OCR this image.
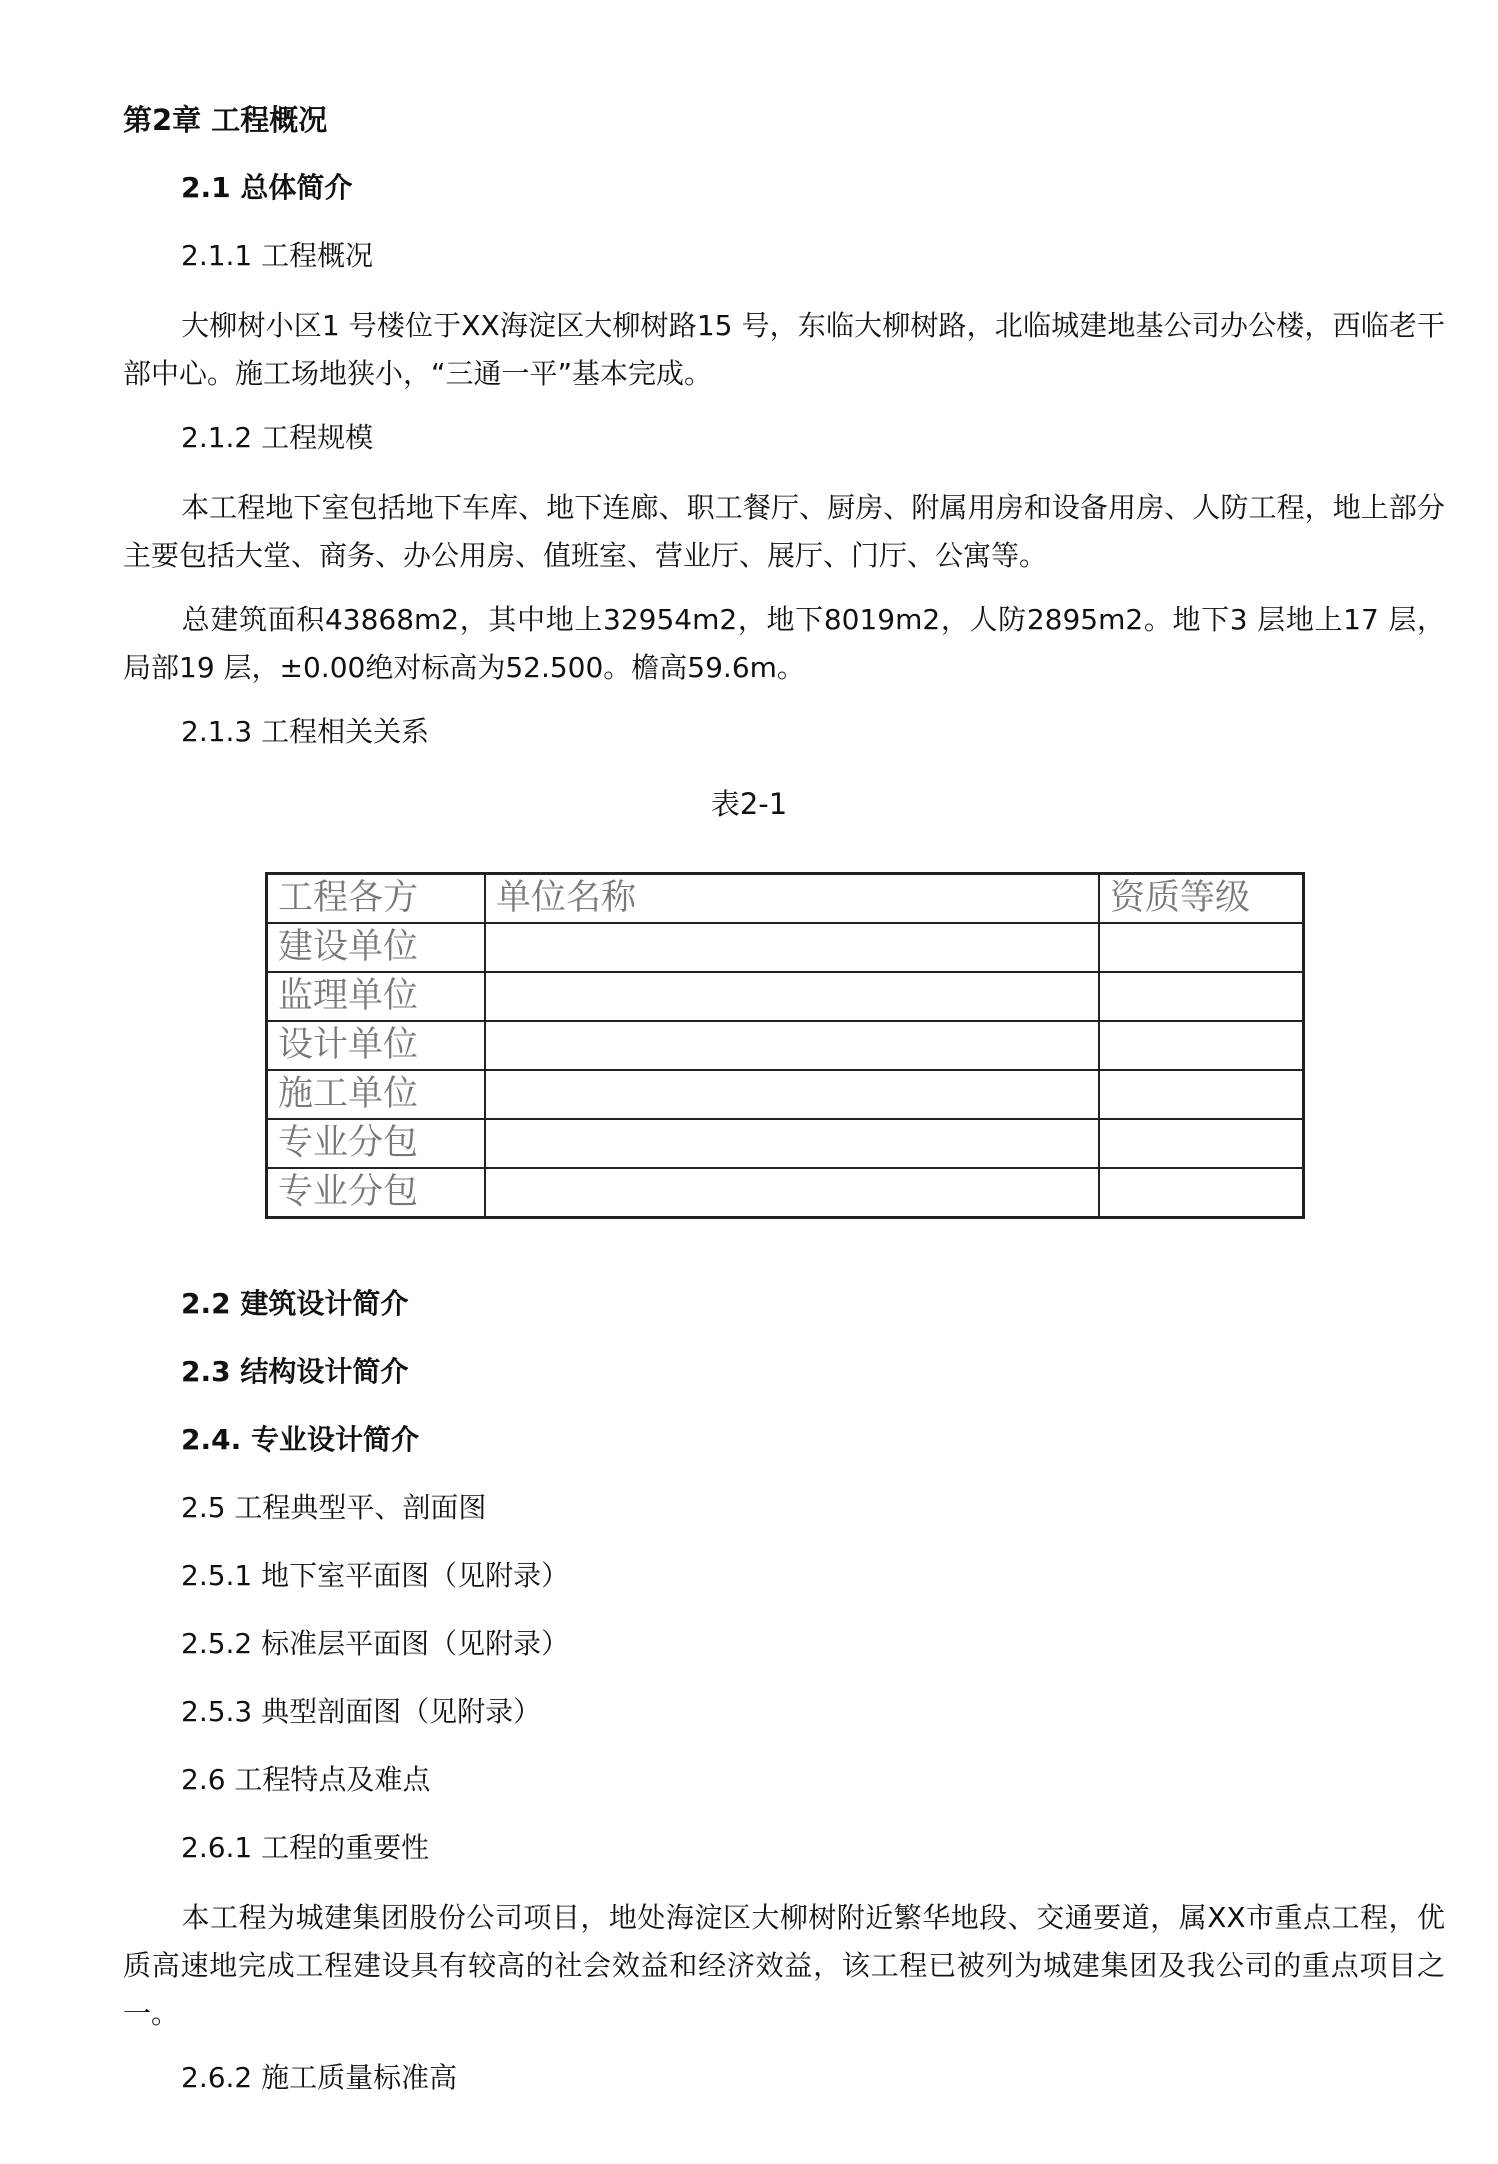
第2章 工程概况
2.1 总体简介
2.1.1 工程概况
大柳树小区1 号楼位于XX海淀区大柳树路15 号，东临大柳树路，北临城建地基公司办公楼，西临老干部中心。施工场地狭小，“三通一平”基本完成。
2.1.2 工程规模
本工程地下室包括地下车库、地下连廊、职工餐厅、厨房、附属用房和设备用房、人防工程，地上部分主要包括大堂、商务、办公用房、值班室、营业厅、展厅、门厅、公寓等。
总建筑面积43868m2，其中地上32954m2，地下8019m2，人防2895m2。地下3 层地上17 层，局部19 层，±0.00绝对标高为52.500。檐高59.6m。
2.1.3 工程相关关系
表2-1
工程各方	单位名称	资质等级
建设单位		
监理单位		
设计单位		
施工单位		
专业分包		
专业分包		
2.2 建筑设计简介
2.3 结构设计简介
2.4. 专业设计简介
2.5 工程典型平、剖面图
2.5.1 地下室平面图（见附录）
2.5.2 标准层平面图（见附录）
2.5.3 典型剖面图（见附录）
2.6 工程特点及难点
2.6.1 工程的重要性
本工程为城建集团股份公司项目，地处海淀区大柳树附近繁华地段、交通要道，属XX市重点工程，优质高速地完成工程建设具有较高的社会效益和经济效益，该工程已被列为城建集团及我公司的重点项目之一。
2.6.2 施工质量标准高
